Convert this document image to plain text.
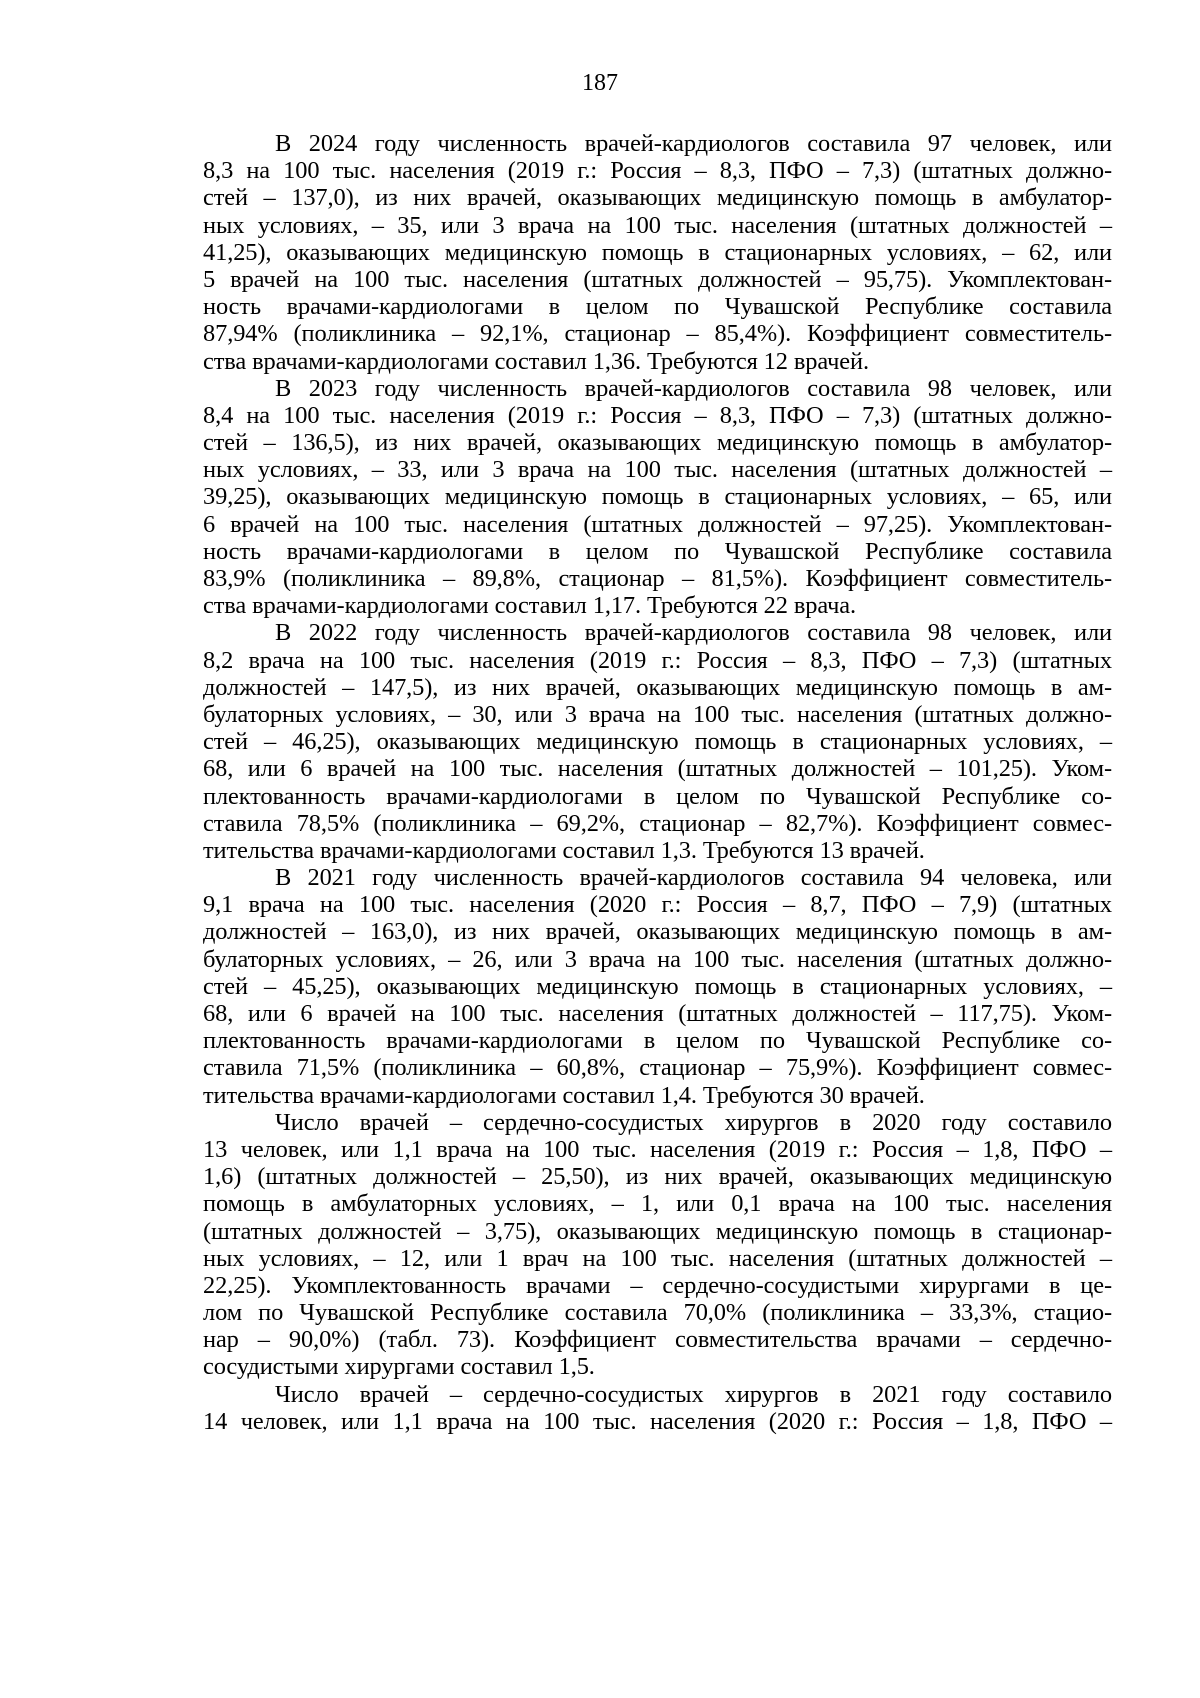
187
В 2024 году численность врачей-кардиологов составила 97 человек, или
8,3 на 100 тыс. населения (2019 г.: Россия – 8,3, ПФО – 7,3) (штатных должно-
стей – 137,0), из них врачей, оказывающих медицинскую помощь в амбулатор-
ных условиях, – 35, или 3 врача на 100 тыс. населения (штатных должностей –
41,25), оказывающих медицинскую помощь в стационарных условиях, – 62, или
5 врачей на 100 тыс. населения (штатных должностей – 95,75). Укомплектован-
ность врачами-кардиологами в целом по Чувашской Республике составила
87,94% (поликлиника – 92,1%, стационар – 85,4%). Коэффициент совместитель-
ства врачами-кардиологами составил 1,36. Требуются 12 врачей.
В 2023 году численность врачей-кардиологов составила 98 человек, или
8,4 на 100 тыс. населения (2019 г.: Россия – 8,3, ПФО – 7,3) (штатных должно-
стей – 136,5), из них врачей, оказывающих медицинскую помощь в амбулатор-
ных условиях, – 33, или 3 врача на 100 тыс. населения (штатных должностей –
39,25), оказывающих медицинскую помощь в стационарных условиях, – 65, или
6 врачей на 100 тыс. населения (штатных должностей – 97,25). Укомплектован-
ность врачами-кардиологами в целом по Чувашской Республике составила
83,9% (поликлиника – 89,8%, стационар – 81,5%). Коэффициент совместитель-
ства врачами-кардиологами составил 1,17. Требуются 22 врача.
В 2022 году численность врачей-кардиологов составила 98 человек, или
8,2 врача на 100 тыс. населения (2019 г.: Россия – 8,3, ПФО – 7,3) (штатных
должностей – 147,5), из них врачей, оказывающих медицинскую помощь в ам-
булаторных условиях, – 30, или 3 врача на 100 тыс. населения (штатных должно-
стей – 46,25), оказывающих медицинскую помощь в стационарных условиях, –
68, или 6 врачей на 100 тыс. населения (штатных должностей – 101,25). Уком-
плектованность врачами-кардиологами в целом по Чувашской Республике со-
ставила 78,5% (поликлиника – 69,2%, стационар – 82,7%). Коэффициент совмес-
тительства врачами-кардиологами составил 1,3. Требуются 13 врачей.
В 2021 году численность врачей-кардиологов составила 94 человека, или
9,1 врача на 100 тыс. населения (2020 г.: Россия – 8,7, ПФО – 7,9) (штатных
должностей – 163,0), из них врачей, оказывающих медицинскую помощь в ам-
булаторных условиях, – 26, или 3 врача на 100 тыс. населения (штатных должно-
стей – 45,25), оказывающих медицинскую помощь в стационарных условиях, –
68, или 6 врачей на 100 тыс. населения (штатных должностей – 117,75). Уком-
плектованность врачами-кардиологами в целом по Чувашской Республике со-
ставила 71,5% (поликлиника – 60,8%, стационар – 75,9%). Коэффициент совмес-
тительства врачами-кардиологами составил 1,4. Требуются 30 врачей.
Число врачей – сердечно-сосудистых хирургов в 2020 году составило
13 человек, или 1,1 врача на 100 тыс. населения (2019 г.: Россия – 1,8, ПФО –
1,6) (штатных должностей – 25,50), из них врачей, оказывающих медицинскую
помощь в амбулаторных условиях, – 1, или 0,1 врача на 100 тыс. населения
(штатных должностей – 3,75), оказывающих медицинскую помощь в стационар-
ных условиях, – 12, или 1 врач на 100 тыс. населения (штатных должностей –
22,25). Укомплектованность врачами – сердечно-сосудистыми хирургами в це-
лом по Чувашской Республике составила 70,0% (поликлиника – 33,3%, стацио-
нар – 90,0%) (табл. 73). Коэффициент совместительства врачами – сердечно-
сосудистыми хирургами составил 1,5.
Число врачей – сердечно-сосудистых хирургов в 2021 году составило
14 человек, или 1,1 врача на 100 тыс. населения (2020 г.: Россия – 1,8, ПФО –
